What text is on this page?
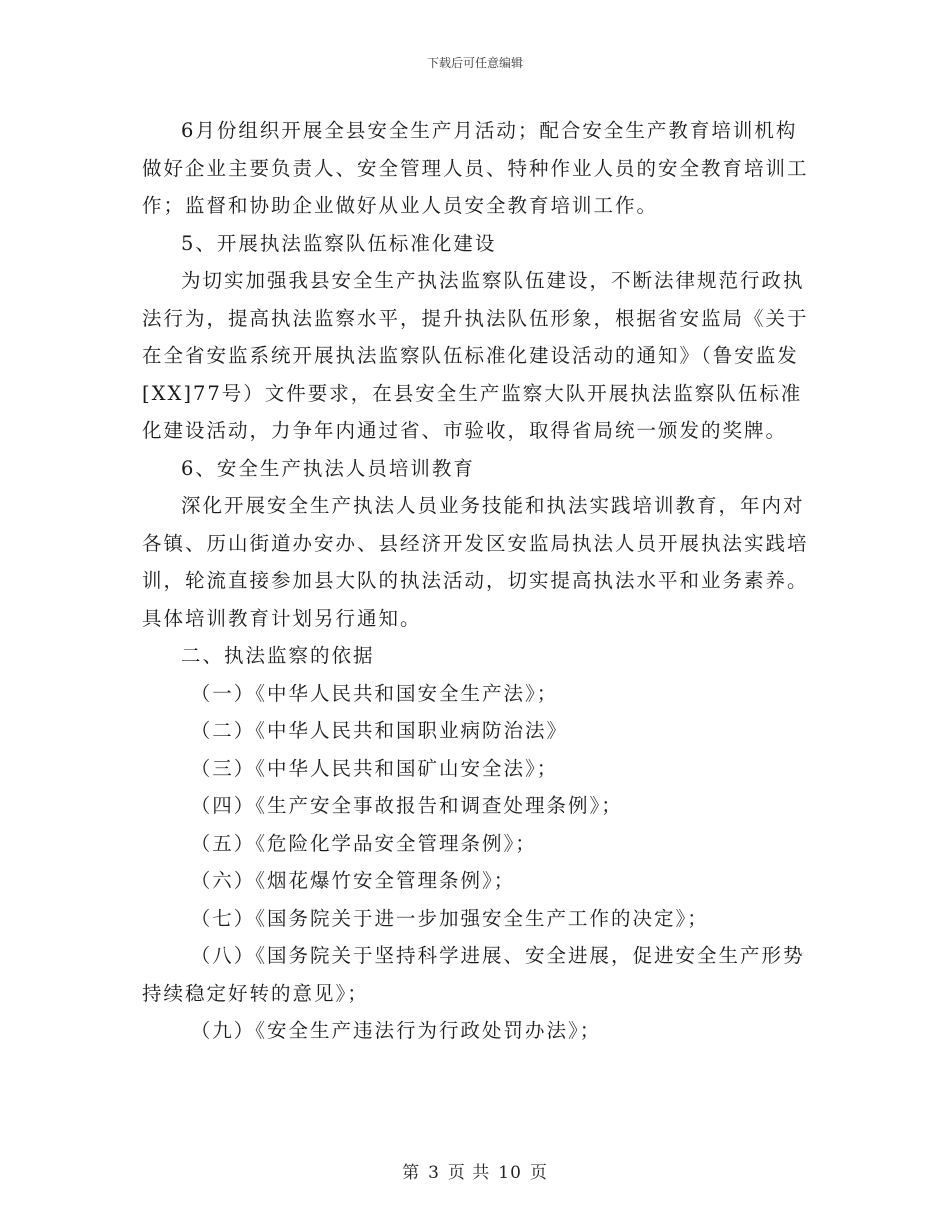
下载后可任意编辑

6月份组织开展全县安全生产月活动；配合安全生产教育培训机构做好企业主要负责人、安全管理人员、特种作业人员的安全教育培训工作；监督和协助企业做好从业人员安全教育培训工作。

5、开展执法监察队伍标准化建设

为切实加强我县安全生产执法监察队伍建设，不断法律规范行政执法行为，提高执法监察水平，提升执法队伍形象，根据省安监局《关于在全省安监系统开展执法监察队伍标准化建设活动的通知》（鲁安监发[XX]77号）文件要求，在县安全生产监察大队开展执法监察队伍标准化建设活动，力争年内通过省、市验收，取得省局统一颁发的奖牌。

6、安全生产执法人员培训教育

深化开展安全生产执法人员业务技能和执法实践培训教育，年内对各镇、历山街道办安办、县经济开发区安监局执法人员开展执法实践培训，轮流直接参加县大队的执法活动，切实提高执法水平和业务素养。具体培训教育计划另行通知。

二、执法监察的依据

（一）《中华人民共和国安全生产法》；

（二）《中华人民共和国职业病防治法》

（三）《中华人民共和国矿山安全法》；

（四）《生产安全事故报告和调查处理条例》；

（五）《危险化学品安全管理条例》；

（六）《烟花爆竹安全管理条例》；

（七）《国务院关于进一步加强安全生产工作的决定》；

（八）《国务院关于坚持科学进展、安全进展，促进安全生产形势持续稳定好转的意见》；

（九）《安全生产违法行为行政处罚办法》；

第 3 页 共 10 页
